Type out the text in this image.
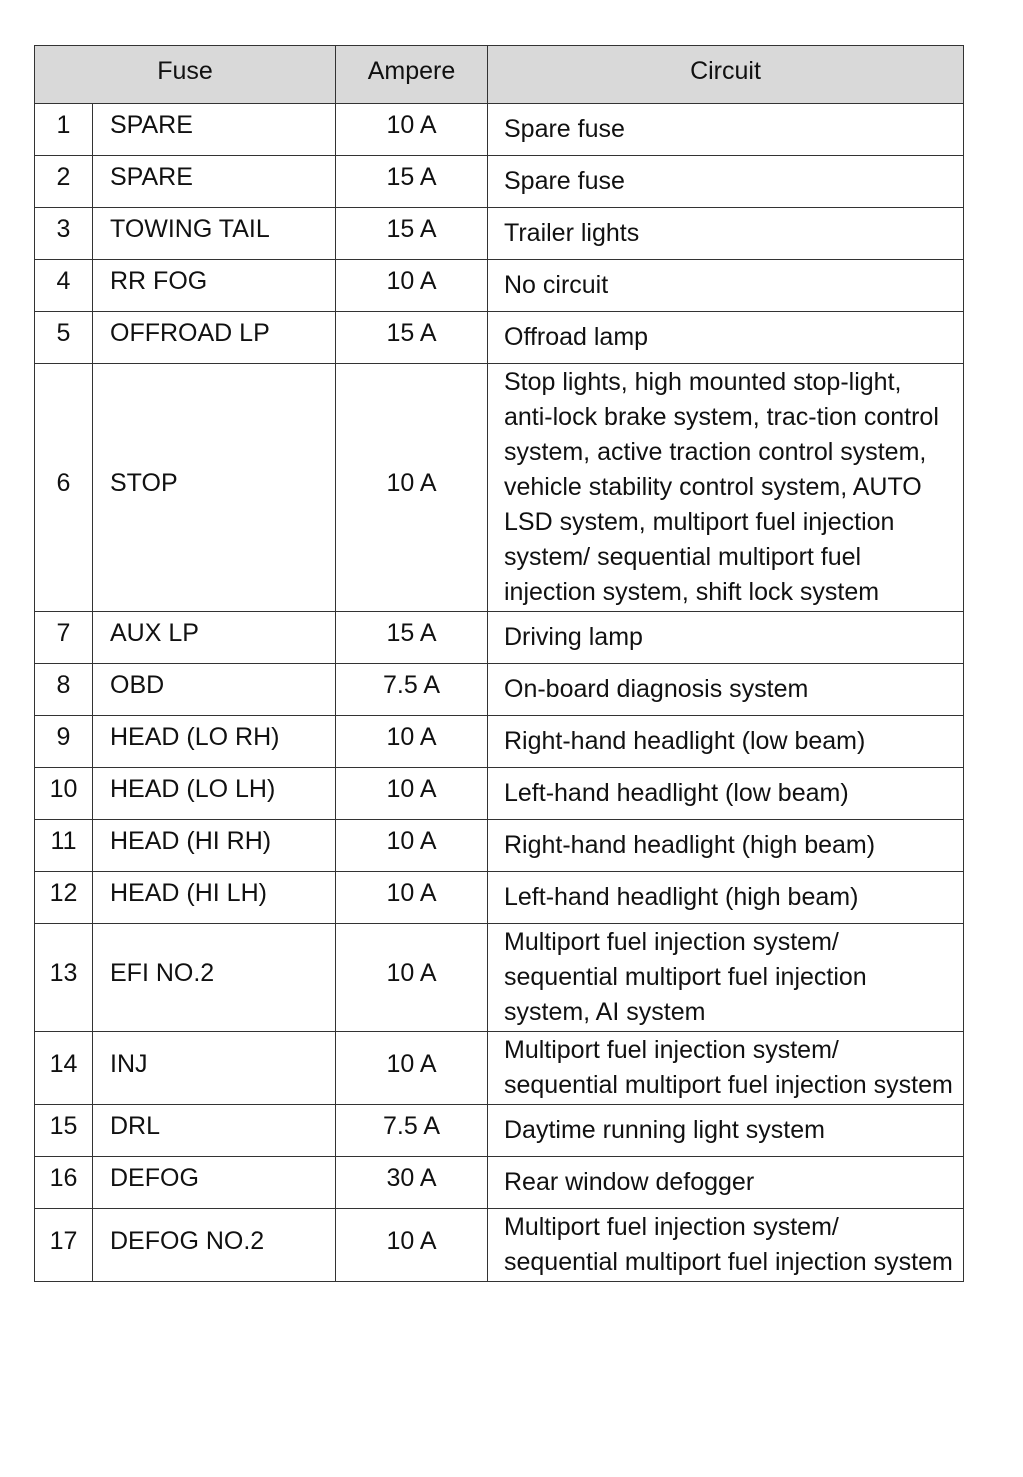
Fuse		Ampere	Circuit
1	SPARE	10 A	Spare fuse
2	SPARE	15 A	Spare fuse
3	TOWING TAIL	15 A	Trailer lights
4	RR FOG	10 A	No circuit
5	OFFROAD LP	15 A	Offroad lamp
6	STOP	10 A	Stop lights, high mounted stop-light, anti-lock brake system, trac-tion control system, active traction control system, vehicle stability control system, AUTO LSD system, multiport fuel injection system/ sequential multiport fuel injection system, shift lock system
7	AUX LP	15 A	Driving lamp
8	OBD	7.5 A	On-board diagnosis system
9	HEAD (LO RH)	10 A	Right-hand headlight (low beam)
10	HEAD (LO LH)	10 A	Left-hand headlight (low beam)
11	HEAD (HI RH)	10 A	Right-hand headlight (high beam)
12	HEAD (HI LH)	10 A	Left-hand headlight (high beam)
13	EFI NO.2	10 A	Multiport fuel injection system/ sequential multiport fuel injection system, AI system
14	INJ	10 A	Multiport fuel injection system/ sequential multiport fuel injection system
15	DRL	7.5 A	Daytime running light system
16	DEFOG	30 A	Rear window defogger
17	DEFOG NO.2	10 A	Multiport fuel injection system/ sequential multiport fuel injection system
